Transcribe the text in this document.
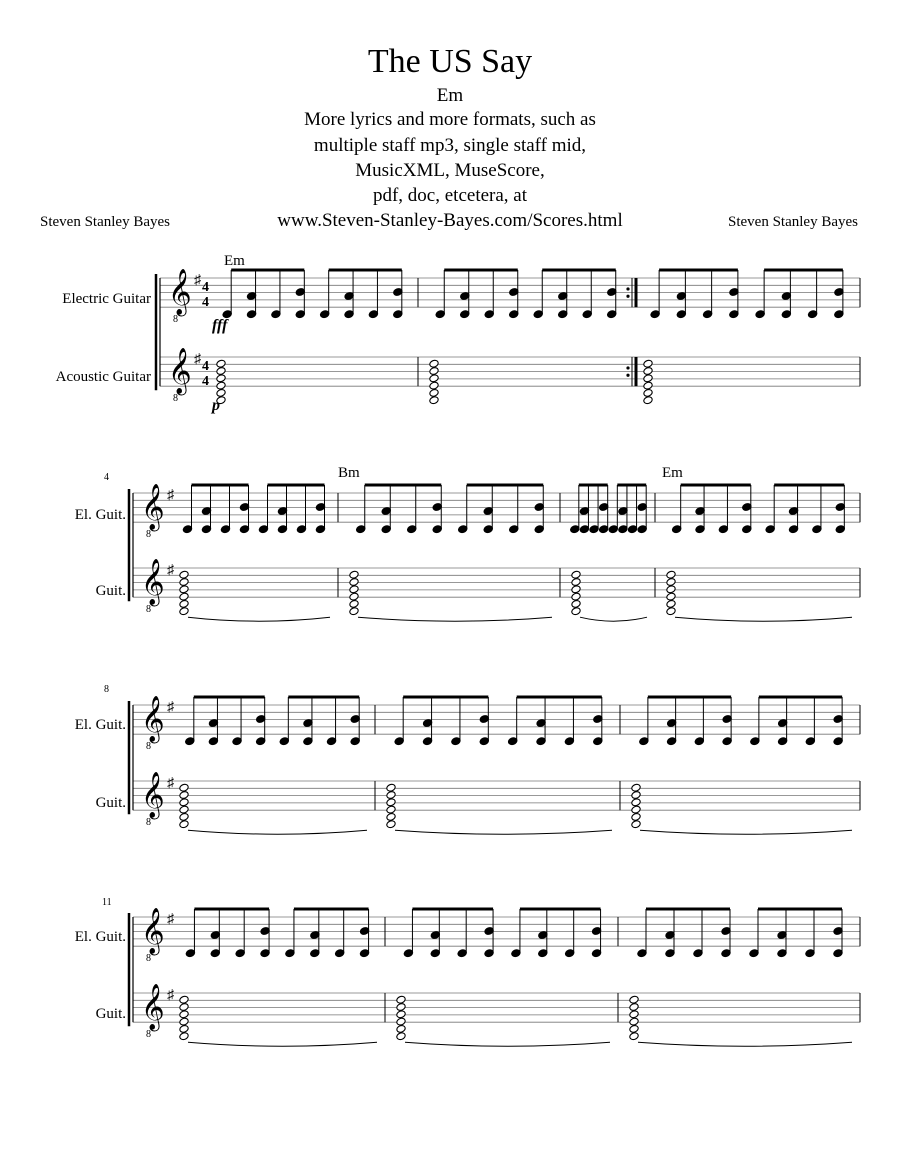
The US Say
Em
More lyrics and more formats, such as
multiple staff mp3, single staff mid,
MusicXML, MuseScore,
pdf, doc, etcetera, at
www.Steven-Stanley-Bayes.com/Scores.html
Steven Stanley Bayes	Steven Stanley Bayes
Electric Guitar
Acoustic Guitar
Em
4
El. Guit.
Guit.
Bm	Em
8
El. Guit.
Guit.
11
El. Guit.
Guit.
𝄞
8
♯ 4
4
𝄞
8
♯ 4
4
𝄞
8
♯
𝄞
8
♯
𝄞
8
♯
𝄞
8
♯
𝄞
8
♯
𝄞
8
♯
fff
p
